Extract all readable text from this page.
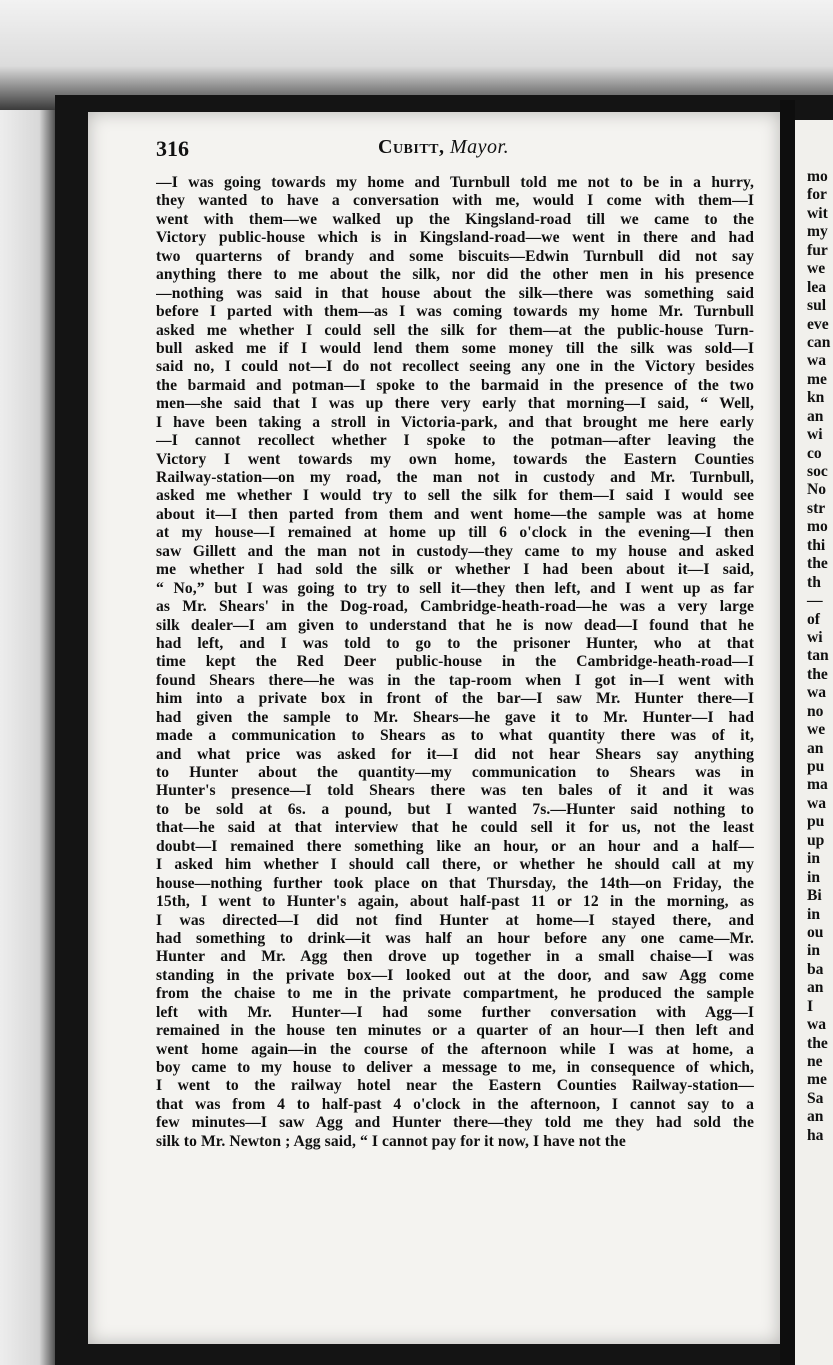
316	Cubitt, Mayor.
—I was going towards my home and Turnbull told me not to be in a hurry,
they wanted to have a conversation with me, would I come with them—I
went with them—we walked up the Kingsland-road till we came to the
Victory public-house which is in Kingsland-road—we went in there and had
two quarterns of brandy and some biscuits—Edwin Turnbull did not say
anything there to me about the silk, nor did the other men in his presence
—nothing was said in that house about the silk—there was something said
before I parted with them—as I was coming towards my home Mr. Turnbull
asked me whether I could sell the silk for them—at the public-house Turn-
bull asked me if I would lend them some money till the silk was sold—I
said no, I could not—I do not recollect seeing any one in the Victory besides
the barmaid and potman—I spoke to the barmaid in the presence of the two
men—she said that I was up there very early that morning—I said, “ Well,
I have been taking a stroll in Victoria-park, and that brought me here early
—I cannot recollect whether I spoke to the potman—after leaving the
Victory I went towards my own home, towards the Eastern Counties
Railway-station—on my road, the man not in custody and Mr. Turnbull,
asked me whether I would try to sell the silk for them—I said I would see
about it—I then parted from them and went home—the sample was at home
at my house—I remained at home up till 6 o'clock in the evening—I then
saw Gillett and the man not in custody—they came to my house and asked
me whether I had sold the silk or whether I had been about it—I said,
“ No,” but I was going to try to sell it—they then left, and I went up as far
as Mr. Shears' in the Dog-road, Cambridge-heath-road—he was a very large
silk dealer—I am given to understand that he is now dead—I found that he
had left, and I was told to go to the prisoner Hunter, who at that
time kept the Red Deer public-house in the Cambridge-heath-road—I
found Shears there—he was in the tap-room when I got in—I went with
him into a private box in front of the bar—I saw Mr. Hunter there—I
had given the sample to Mr. Shears—he gave it to Mr. Hunter—I had
made a communication to Shears as to what quantity there was of it,
and what price was asked for it—I did not hear Shears say anything
to Hunter about the quantity—my communication to Shears was in
Hunter's presence—I told Shears there was ten bales of it and it was
to be sold at 6s. a pound, but I wanted 7s.—Hunter said nothing to
that—he said at that interview that he could sell it for us, not the least
doubt—I remained there something like an hour, or an hour and a half—
I asked him whether I should call there, or whether he should call at my
house—nothing further took place on that Thursday, the 14th—on Friday, the
15th, I went to Hunter's again, about half-past 11 or 12 in the morning, as
I was directed—I did not find Hunter at home—I stayed there, and
had something to drink—it was half an hour before any one came—Mr.
Hunter and Mr. Agg then drove up together in a small chaise—I was
standing in the private box—I looked out at the door, and saw Agg come
from the chaise to me in the private compartment, he produced the sample
left with Mr. Hunter—I had some further conversation with Agg—I
remained in the house ten minutes or a quarter of an hour—I then left and
went home again—in the course of the afternoon while I was at home, a
boy came to my house to deliver a message to me, in consequence of which,
I went to the railway hotel near the Eastern Counties Railway-station—
that was from 4 to half-past 4 o'clock in the afternoon, I cannot say to a
few minutes—I saw Agg and Hunter there—they told me they had sold the
silk to Mr. Newton ; Agg said, “ I cannot pay for it now, I have not the
mo
for
wit
my
fur
we
lea
sul
eve
can
wa
me
kn
an
wi
co
soc
No
str
mo
thi
the
th
—
of
wi
tan
the
wa
no
we
an
pu
ma
wa
pu
up
in
in
Bi
in
ou
in
ba
an
I
wa
the
ne
me
Sa
an
ha
